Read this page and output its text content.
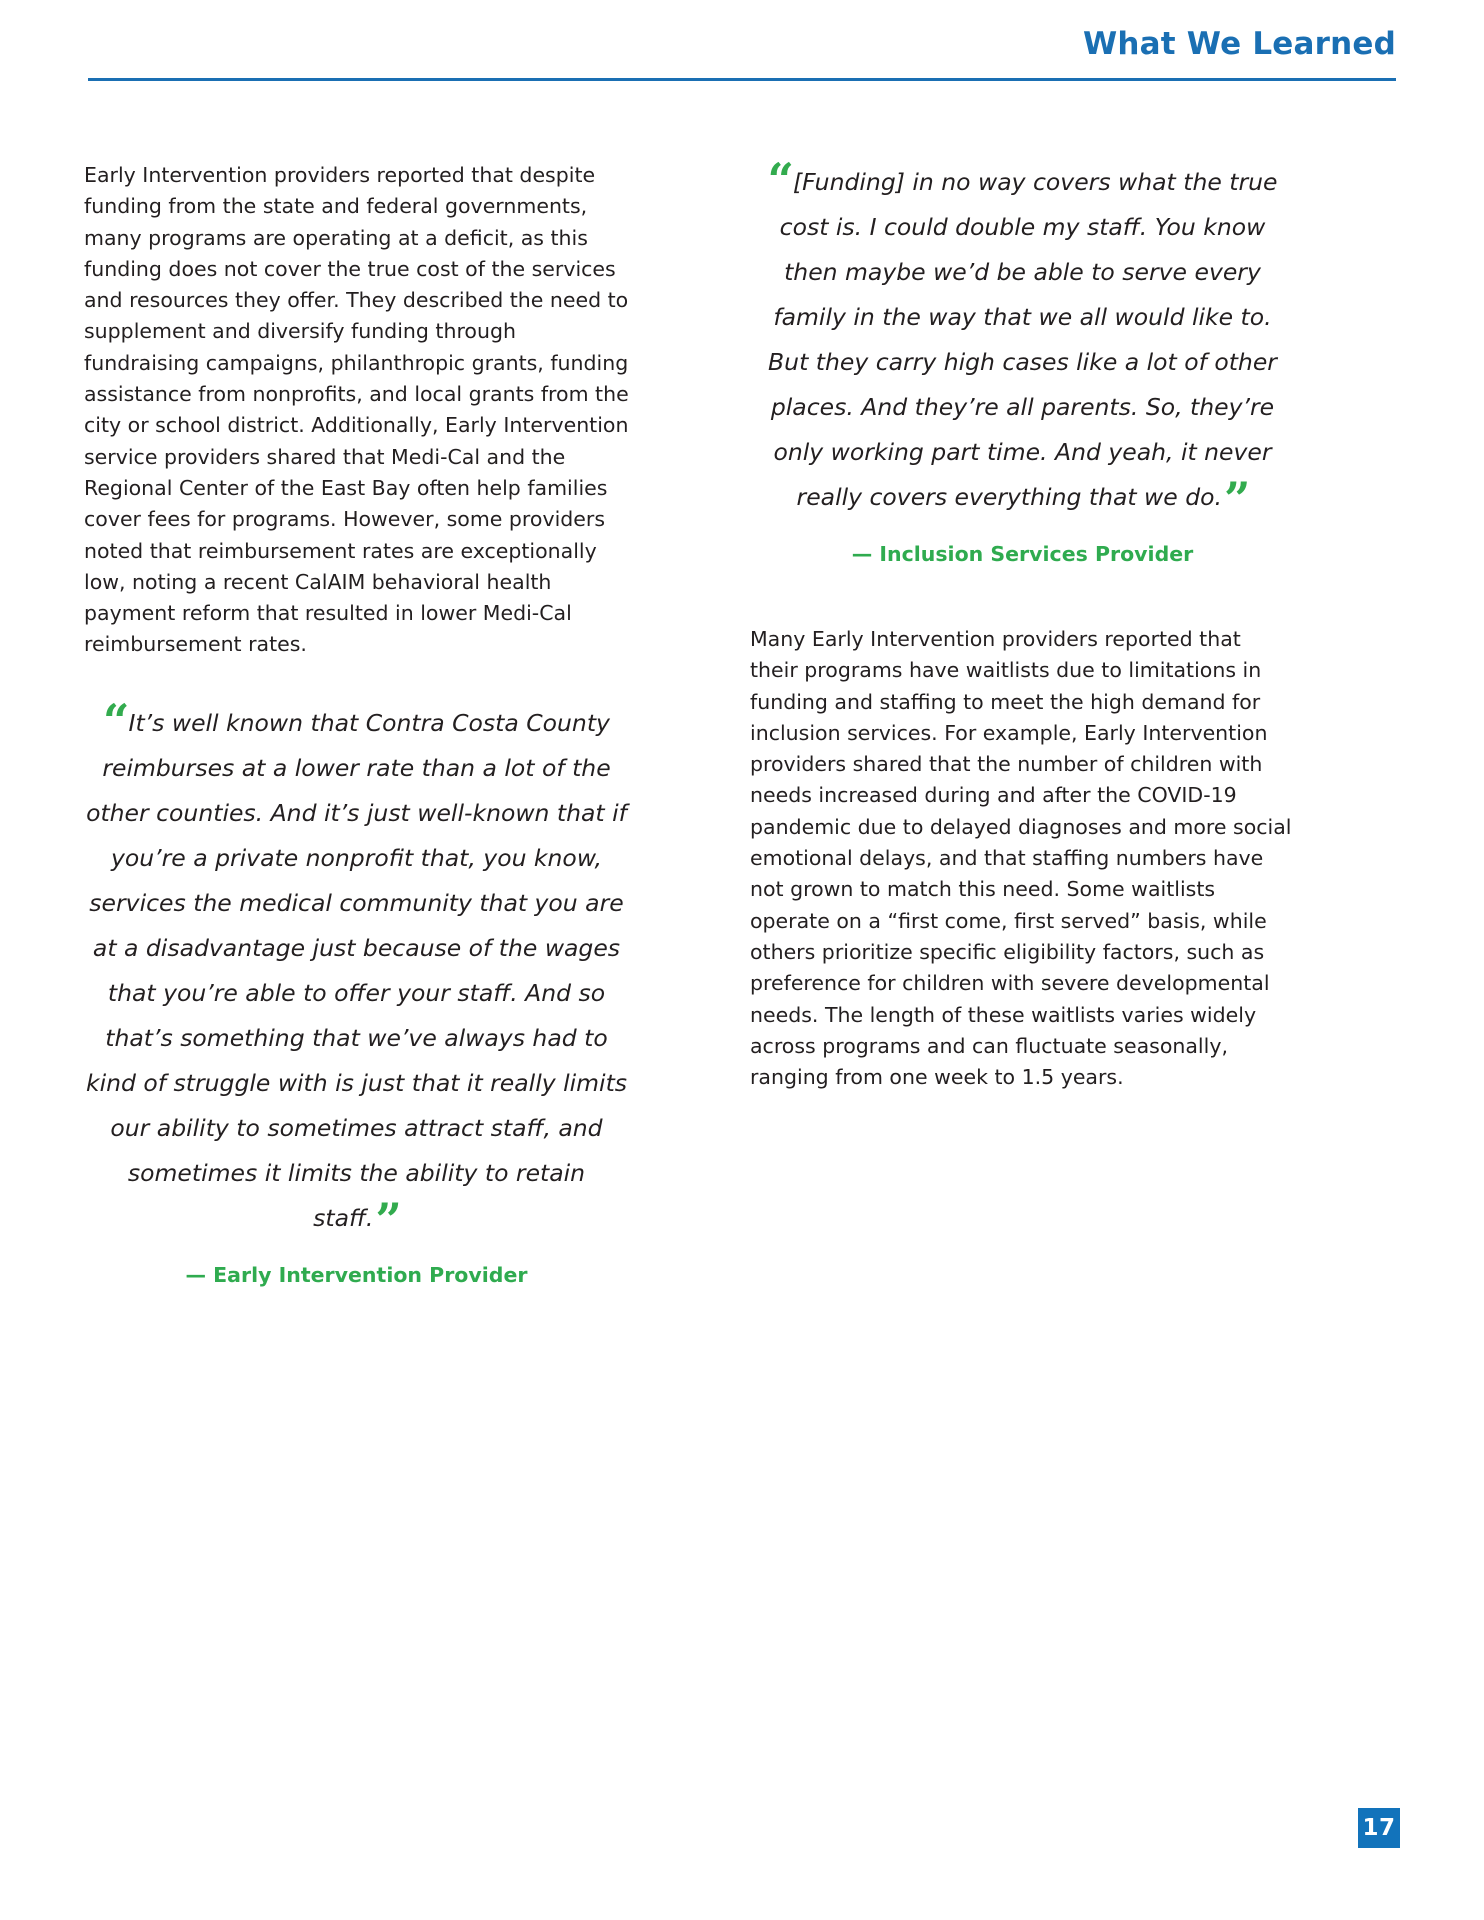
What We Learned

Early Intervention providers reported that despite funding from the state and federal governments, many programs are operating at a deficit, as this funding does not cover the true cost of the services and resources they offer. They described the need to supplement and diversify funding through fundraising campaigns, philanthropic grants, funding assistance from nonprofits, and local grants from the city or school district. Additionally, Early Intervention service providers shared that Medi-Cal and the Regional Center of the East Bay often help families cover fees for programs. However, some providers noted that reimbursement rates are exceptionally low, noting a recent CalAIM behavioral health payment reform that resulted in lower Medi-Cal reimbursement rates.

“It’s well known that Contra Costa County reimburses at a lower rate than a lot of the other counties. And it’s just well-known that if you’re a private nonprofit that, you know, services the medical community that you are at a disadvantage just because of the wages that you’re able to offer your staff. And so that’s something that we’ve always had to kind of struggle with is just that it really limits our ability to sometimes attract staff, and sometimes it limits the ability to retain staff.”

— Early Intervention Provider

“[Funding] in no way covers what the true cost is. I could double my staff. You know then maybe we’d be able to serve every family in the way that we all would like to. But they carry high cases like a lot of other places. And they’re all parents. So, they’re only working part time. And yeah, it never really covers everything that we do.”

— Inclusion Services Provider

Many Early Intervention providers reported that their programs have waitlists due to limitations in funding and staffing to meet the high demand for inclusion services. For example, Early Intervention providers shared that the number of children with needs increased during and after the COVID-19 pandemic due to delayed diagnoses and more social emotional delays, and that staffing numbers have not grown to match this need. Some waitlists operate on a “first come, first served” basis, while others prioritize specific eligibility factors, such as preference for children with severe developmental needs. The length of these waitlists varies widely across programs and can fluctuate seasonally, ranging from one week to 1.5 years.

17
